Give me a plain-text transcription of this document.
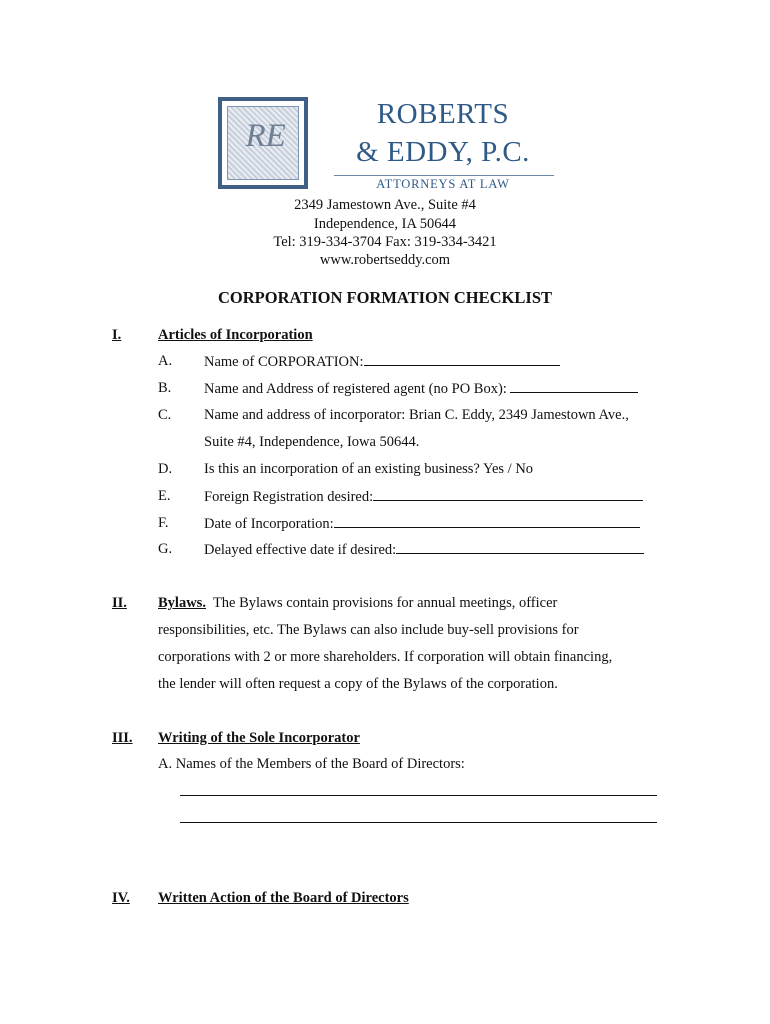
RE
ROBERTS
& EDDY, P.C.
ATTORNEYS AT LAW
2349 Jamestown Ave., Suite #4
Independence, IA 50644
Tel: 319-334-3704 Fax: 319-334-3421
www.robertseddy.com
CORPORATION FORMATION CHECKLIST
I.	Articles of Incorporation
A. Name of CORPORATION:
B. Name and Address of registered agent (no PO Box):
C. Name and address of incorporator: Brian C. Eddy, 2349 Jamestown Ave.,
Suite #4, Independence, Iowa 50644.
D. Is this an incorporation of an existing business? Yes / No
E. Foreign Registration desired:
F. Date of Incorporation:
G. Delayed effective date if desired:
II. Bylaws.  The Bylaws contain provisions for annual meetings, officer
responsibilities, etc. The Bylaws can also include buy-sell provisions for
corporations with 2 or more shareholders. If corporation will obtain financing,
the lender will often request a copy of the Bylaws of the corporation.
III. Writing of the Sole Incorporator
A. Names of the Members of the Board of Directors:
IV. Written Action of the Board of Directors
